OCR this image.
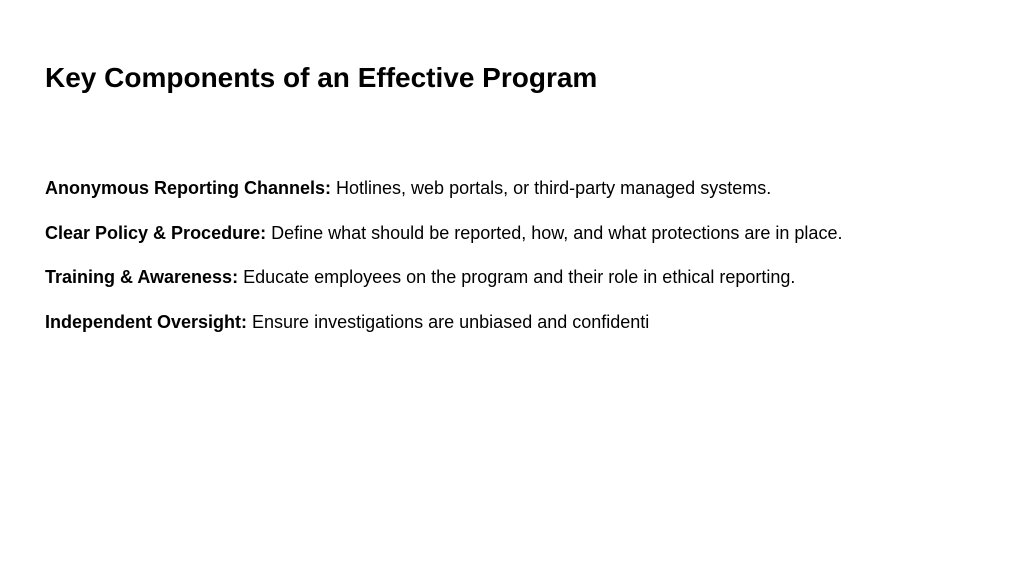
Key Components of an Effective Program
Anonymous Reporting Channels: Hotlines, web portals, or third-party managed systems.
Clear Policy & Procedure: Define what should be reported, how, and what protections are in place.
Training & Awareness: Educate employees on the program and their role in ethical reporting.
Independent Oversight: Ensure investigations are unbiased and confidenti
